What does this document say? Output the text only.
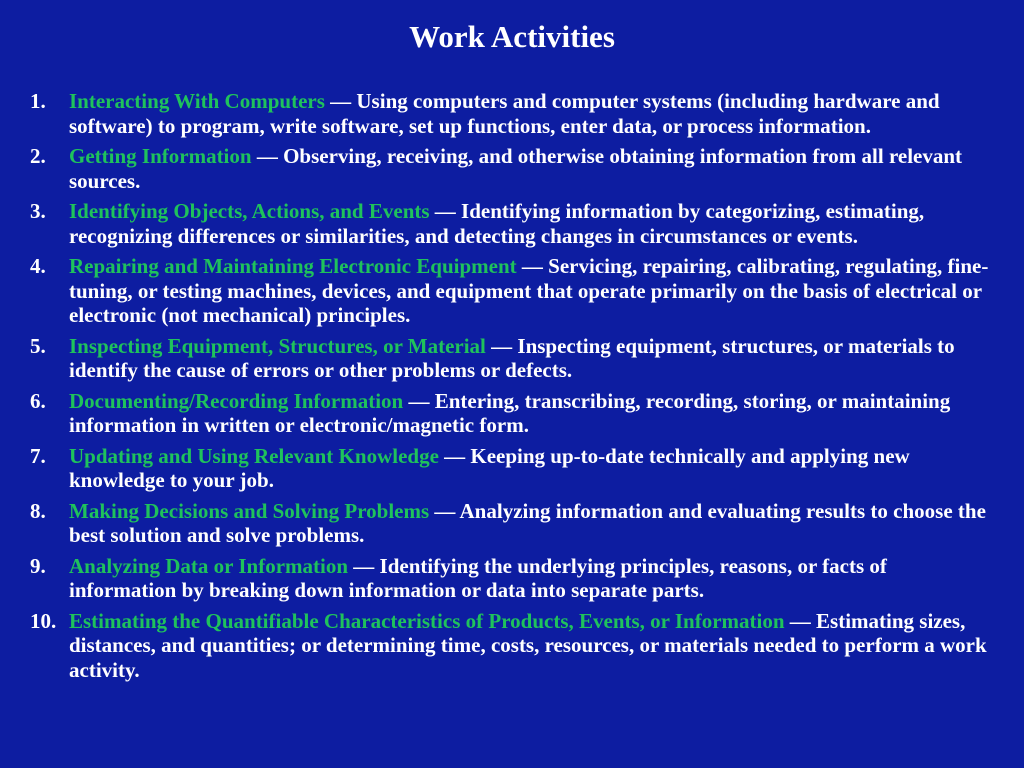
Work Activities
1.	Interacting With Computers — Using computers and computer systems (including hardware and software) to program, write software, set up functions, enter data, or process information.
2.	Getting Information — Observing, receiving, and otherwise obtaining information from all relevant sources.
3.	Identifying Objects, Actions, and Events — Identifying information by categorizing, estimating, recognizing differences or similarities, and detecting changes in circumstances or events.
4.	Repairing and Maintaining Electronic Equipment — Servicing, repairing, calibrating, regulating, fine-tuning, or testing machines, devices, and equipment that operate primarily on the basis of electrical or electronic (not mechanical) principles.
5.	Inspecting Equipment, Structures, or Material — Inspecting equipment, structures, or materials to identify the cause of errors or other problems or defects.
6.	Documenting/Recording Information — Entering, transcribing, recording, storing, or maintaining information in written or electronic/magnetic form.
7.	Updating and Using Relevant Knowledge — Keeping up-to-date technically and applying new knowledge to your job.
8.	Making Decisions and Solving Problems — Analyzing information and evaluating results to choose the best solution and solve problems.
9.	Analyzing Data or Information — Identifying the underlying principles, reasons, or facts of information by breaking down information or data into separate parts.
10. Estimating the Quantifiable Characteristics of Products, Events, or Information — Estimating sizes, distances, and quantities; or determining time, costs, resources, or materials needed to perform a work activity.
